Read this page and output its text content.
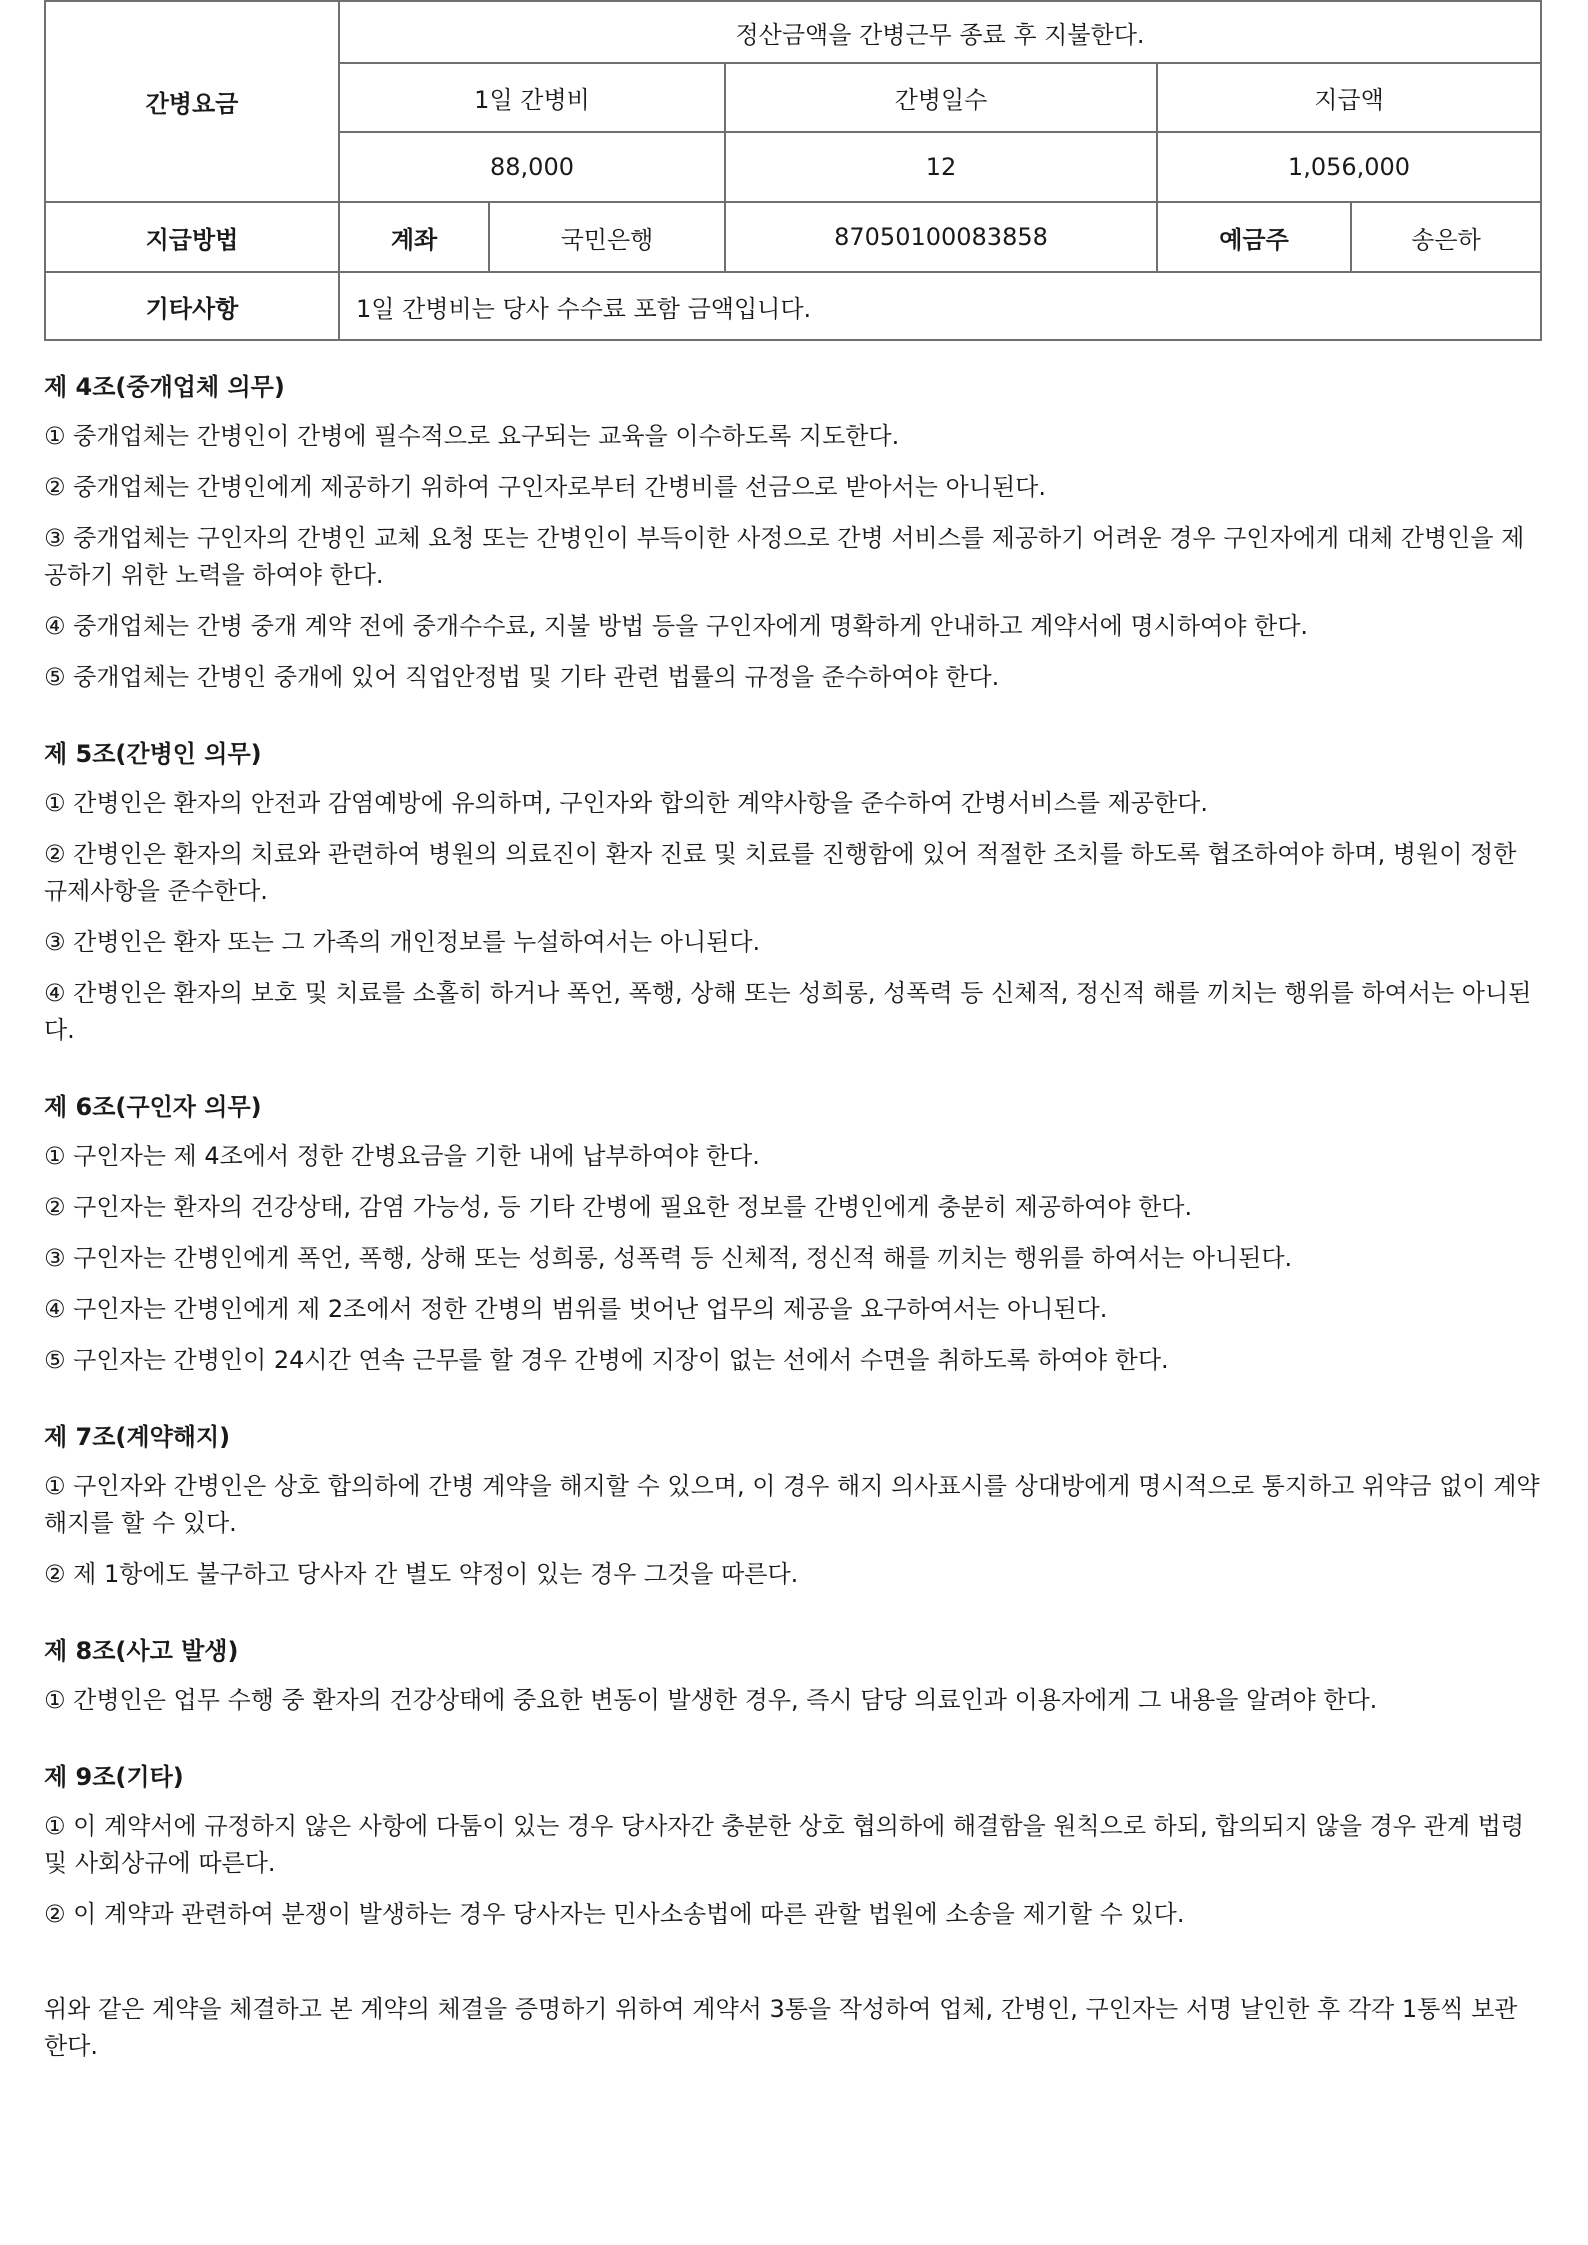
간병요금	정산금액을 간병근무 종료 후 지불한다.				
	1일 간병비		간병일수	지급액	
	88,000		12	1,056,000	
지급방법	계좌	국민은행	87050100083858	예금주	송은하
기타사항	1일 간병비는 당사 수수료 포함 금액입니다.				
제 4조(중개업체 의무)
① 중개업체는 간병인이 간병에 필수적으로 요구되는 교육을 이수하도록 지도한다.
② 중개업체는 간병인에게 제공하기 위하여 구인자로부터 간병비를 선금으로 받아서는 아니된다.
③ 중개업체는 구인자의 간병인 교체 요청 또는 간병인이 부득이한 사정으로 간병 서비스를 제공하기 어려운 경우 구인자에게 대체 간병인을 제공하기 위한 노력을 하여야 한다.
④ 중개업체는 간병 중개 계약 전에 중개수수료, 지불 방법 등을 구인자에게 명확하게 안내하고 계약서에 명시하여야 한다.
⑤ 중개업체는 간병인 중개에 있어 직업안정법 및 기타 관련 법률의 규정을 준수하여야 한다.
제 5조(간병인 의무)
① 간병인은 환자의 안전과 감염예방에 유의하며, 구인자와 합의한 계약사항을 준수하여 간병서비스를 제공한다.
② 간병인은 환자의 치료와 관련하여 병원의 의료진이 환자 진료 및 치료를 진행함에 있어 적절한 조치를 하도록 협조하여야 하며, 병원이 정한 규제사항을 준수한다.
③ 간병인은 환자 또는 그 가족의 개인정보를 누설하여서는 아니된다.
④ 간병인은 환자의 보호 및 치료를 소홀히 하거나 폭언, 폭행, 상해 또는 성희롱, 성폭력 등 신체적, 정신적 해를 끼치는 행위를 하여서는 아니된다.
제 6조(구인자 의무)
① 구인자는 제 4조에서 정한 간병요금을 기한 내에 납부하여야 한다.
② 구인자는 환자의 건강상태, 감염 가능성, 등 기타 간병에 필요한 정보를 간병인에게 충분히 제공하여야 한다.
③ 구인자는 간병인에게 폭언, 폭행, 상해 또는 성희롱, 성폭력 등 신체적, 정신적 해를 끼치는 행위를 하여서는 아니된다.
④ 구인자는 간병인에게 제 2조에서 정한 간병의 범위를 벗어난 업무의 제공을 요구하여서는 아니된다.
⑤ 구인자는 간병인이 24시간 연속 근무를 할 경우 간병에 지장이 없는 선에서 수면을 취하도록 하여야 한다.
제 7조(계약해지)
① 구인자와 간병인은 상호 합의하에 간병 계약을 해지할 수 있으며, 이 경우 해지 의사표시를 상대방에게 명시적으로 통지하고 위약금 없이 계약해지를 할 수 있다.
② 제 1항에도 불구하고 당사자 간 별도 약정이 있는 경우 그것을 따른다.
제 8조(사고 발생)
① 간병인은 업무 수행 중 환자의 건강상태에 중요한 변동이 발생한 경우, 즉시 담당 의료인과 이용자에게 그 내용을 알려야 한다.
제 9조(기타)
① 이 계약서에 규정하지 않은 사항에 다툼이 있는 경우 당사자간 충분한 상호 협의하에 해결함을 원칙으로 하되, 합의되지 않을 경우 관계 법령 및 사회상규에 따른다.
② 이 계약과 관련하여 분쟁이 발생하는 경우 당사자는 민사소송법에 따른 관할 법원에 소송을 제기할 수 있다.
위와 같은 계약을 체결하고 본 계약의 체결을 증명하기 위하여 계약서 3통을 작성하여 업체, 간병인, 구인자는 서명 날인한 후 각각 1통씩 보관한다.
